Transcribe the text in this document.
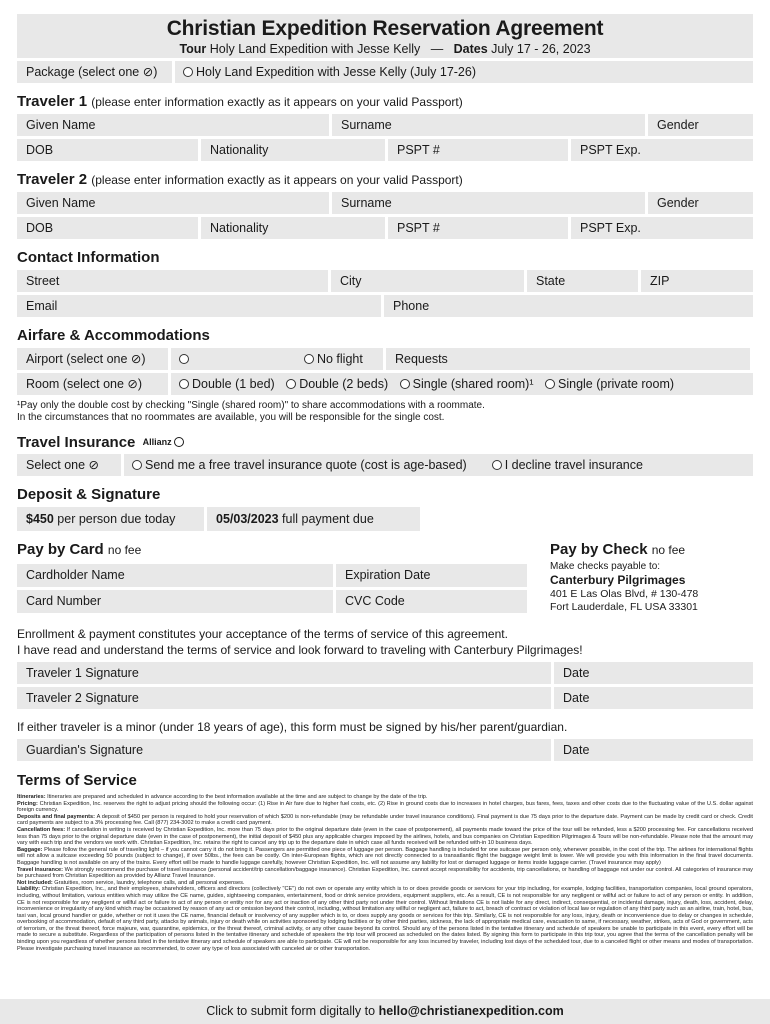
Christian Expedition Reservation Agreement
Tour Holy Land Expedition with Jesse Kelly — Dates July 17 - 26, 2023
Package (select one ⊘)	Holy Land Expedition with Jesse Kelly (July 17-26)
Traveler 1 (please enter information exactly as it appears on your valid Passport)
Given Name	Surname	Gender
DOB	Nationality	PSPT #	PSPT Exp.
Traveler 2 (please enter information exactly as it appears on your valid Passport)
Given Name	Surname	Gender
DOB	Nationality	PSPT #	PSPT Exp.
Contact Information
Street	City	State	ZIP
Email	Phone
Airfare & Accommodations
Airport (select one ⊘)	No flight	Requests
Room (select one ⊘)	Double (1 bed) Double (2 beds) Single (shared room)¹ Single (private room)
¹Pay only the double cost by checking "Single (shared room)" to share accommodations with a roommate.
In the circumstances that no roommates are available, you will be responsible for the single cost.
Travel Insurance Allianz
Select one ⊘	Send me a free travel insurance quote (cost is age-based)	I decline travel insurance
Deposit & Signature
$450 per person due today	05/03/2023 full payment due
Pay by Card no fee
Cardholder Name	Expiration Date
Card Number	CVC Code
Pay by Check no fee
Make checks payable to:
Canterbury Pilgrimages
401 E Las Olas Blvd, # 130-478
Fort Lauderdale, FL USA 33301
Enrollment & payment constitutes your acceptance of the terms of service of this agreement.
I have read and understand the terms of service and look forward to traveling with Canterbury Pilgrimages!
Traveler 1 Signature	Date
Traveler 2 Signature	Date
If either traveler is a minor (under 18 years of age), this form must be signed by his/her parent/guardian.
Guardian's Signature	Date
Terms of Service
Itineraries: Itineraries are prepared and scheduled in advance according to the best information available at the time and are subject to change by the date of the trip.
Pricing: Christian Expedition, Inc. reserves the right to adjust pricing should the following occur: (1) Rise in Air fare due to higher fuel costs, etc. (2) Rise in ground costs due to increases in hotel charges, bus fares, fees, taxes and other costs due to the fluctuating value of the U.S. dollar against foreign currency.
Deposits and final payments: A deposit of $450 per person is required to hold your reservation of which $200 is non-refundable (may be refundable under travel insurance conditions). Final payment is due 75 days prior to the departure date. Payment can be made by credit card or check. Credit card payments are subject to a 3% processing fee. Call (877) 234-3002 to make a credit card payment.
Cancellation fees: If cancellation in writing is received by Christian Expedition, Inc. more than 75 days prior to the original departure date (even in the case of postponement), all payments made toward the price of the tour will be refunded, less a $200 processing fee. For cancellations received less than 75 days prior to the original departure date (even in the case of postponement), the initial deposit of $450 plus any applicable charges imposed by the airlines, hotels, and bus companies on Christian Expedition Pilgrimages & Tours will be non-refundable. Please note that the amount may vary with each trip and the vendors we work with. Christian Expedition, Inc. retains the right to cancel any trip up to the departure date in which case all funds received will be refunded with-in 10 business days.
Baggage: Please follow the general rule of traveling light – if you cannot carry it do not bring it. Passengers are permitted one piece of luggage per person. Baggage handling is included for one suitcase per person only, whenever possible, in the cost of the trip. The airlines for international flights will not allow a suitcase exceeding 50 pounds (subject to change), if over 50lbs., the fees can be costly. On inter-European flights, which are not directly connected to a transatlantic flight the baggage weight limit is lower. We will provide you with this information in the final travel documents. Baggage handling is not available on any of the trains. Every effort will be made to handle luggage carefully, however Christian Expedition, Inc. will not assume any liability for lost or damaged luggage or items inside luggage carrier. (Travel insurance may apply)
Travel insurance: We strongly recommend the purchase of travel insurance (personal accident/trip cancellation/baggage insurance). Christian Expedition, Inc. cannot accept responsibility for accidents, trip cancellations, or handling of baggage not under our control. All categories of insurance may be purchased from Christian Expedition as provided by Allianz Travel Insurance.
Not included: Gratuities, room service, laundry, telephone calls, and all personal expenses.
Liability: Christian Expedition, Inc., and their employees, shareholders, officers and directors (collectively "CE") do not own or operate any entity which is to or does provide goods or services for your trip including, for example, lodging facilities, transportation companies, local ground operators, including, without limitation, various entities which may utilize the CE name, guides, sightseeing companies, entertainment, food or drink service providers, equipment suppliers, etc. As a result, CE is not responsible for any negligent or willful act or failure to act of any person or entity. In addition, CE is not responsible for any negligent or willful act or failure to act of any person or entity nor for any act or inaction of any other third party not under their control. Without limitations CE is not liable for any direct, indirect, consequential, or incidental damage, injury, death, loss, accident, delay, inconvenience or irregularity of any kind which may be occasioned by reason of any act or omission beyond their control, including, without limitation any willful or negligent act, failure to act, breach of contract or violation of local law or regulation of any third party such as an airline, train, hotel, bus, taxi van, local ground handler or guide, whether or not it uses the CE name, financial default or insolvency of any supplier which is to, or does supply any goods or services for this trip. Similarly, CE is not responsible for any loss, injury, death or inconvenience due to delay or changes in schedule, overbooking of accommodation, default of any third party, attacks by animals, injury or death while on activities sponsored by lodging facilities or by other third parties, sickness, the lack of appropriate medical care, evacuation to same, if necessary, weather, strikes, acts of God or government, acts of terrorism, or the threat thereof, force majeure, war, quarantine, epidemics, or the threat thereof, criminal activity, or any other cause beyond its control. Should any of the persons listed in the tentative itinerary and schedule of speakers be unable to participate in this event, every effort will be made to secure a substitute. Regardless of the participation of persons listed in the tentative itinerary and schedule of speakers the trip tour will proceed as scheduled on the dates listed. By signing this form to participate in this trip tour, you agree that the terms of the cancellation penalty will be binding upon you regardless of whether persons listed in the tentative itinerary and schedule of speakers are able to participate. CE will not be responsible for any loss incurred by traveler, including lost days of the scheduled tour, due to a canceled flight or other means and modes of transportation. Please investigate purchasing travel insurance as recommended, to cover any type of loss associated with canceled air or other transportation.
Click to submit form digitally to hello@christianexpedition.com
